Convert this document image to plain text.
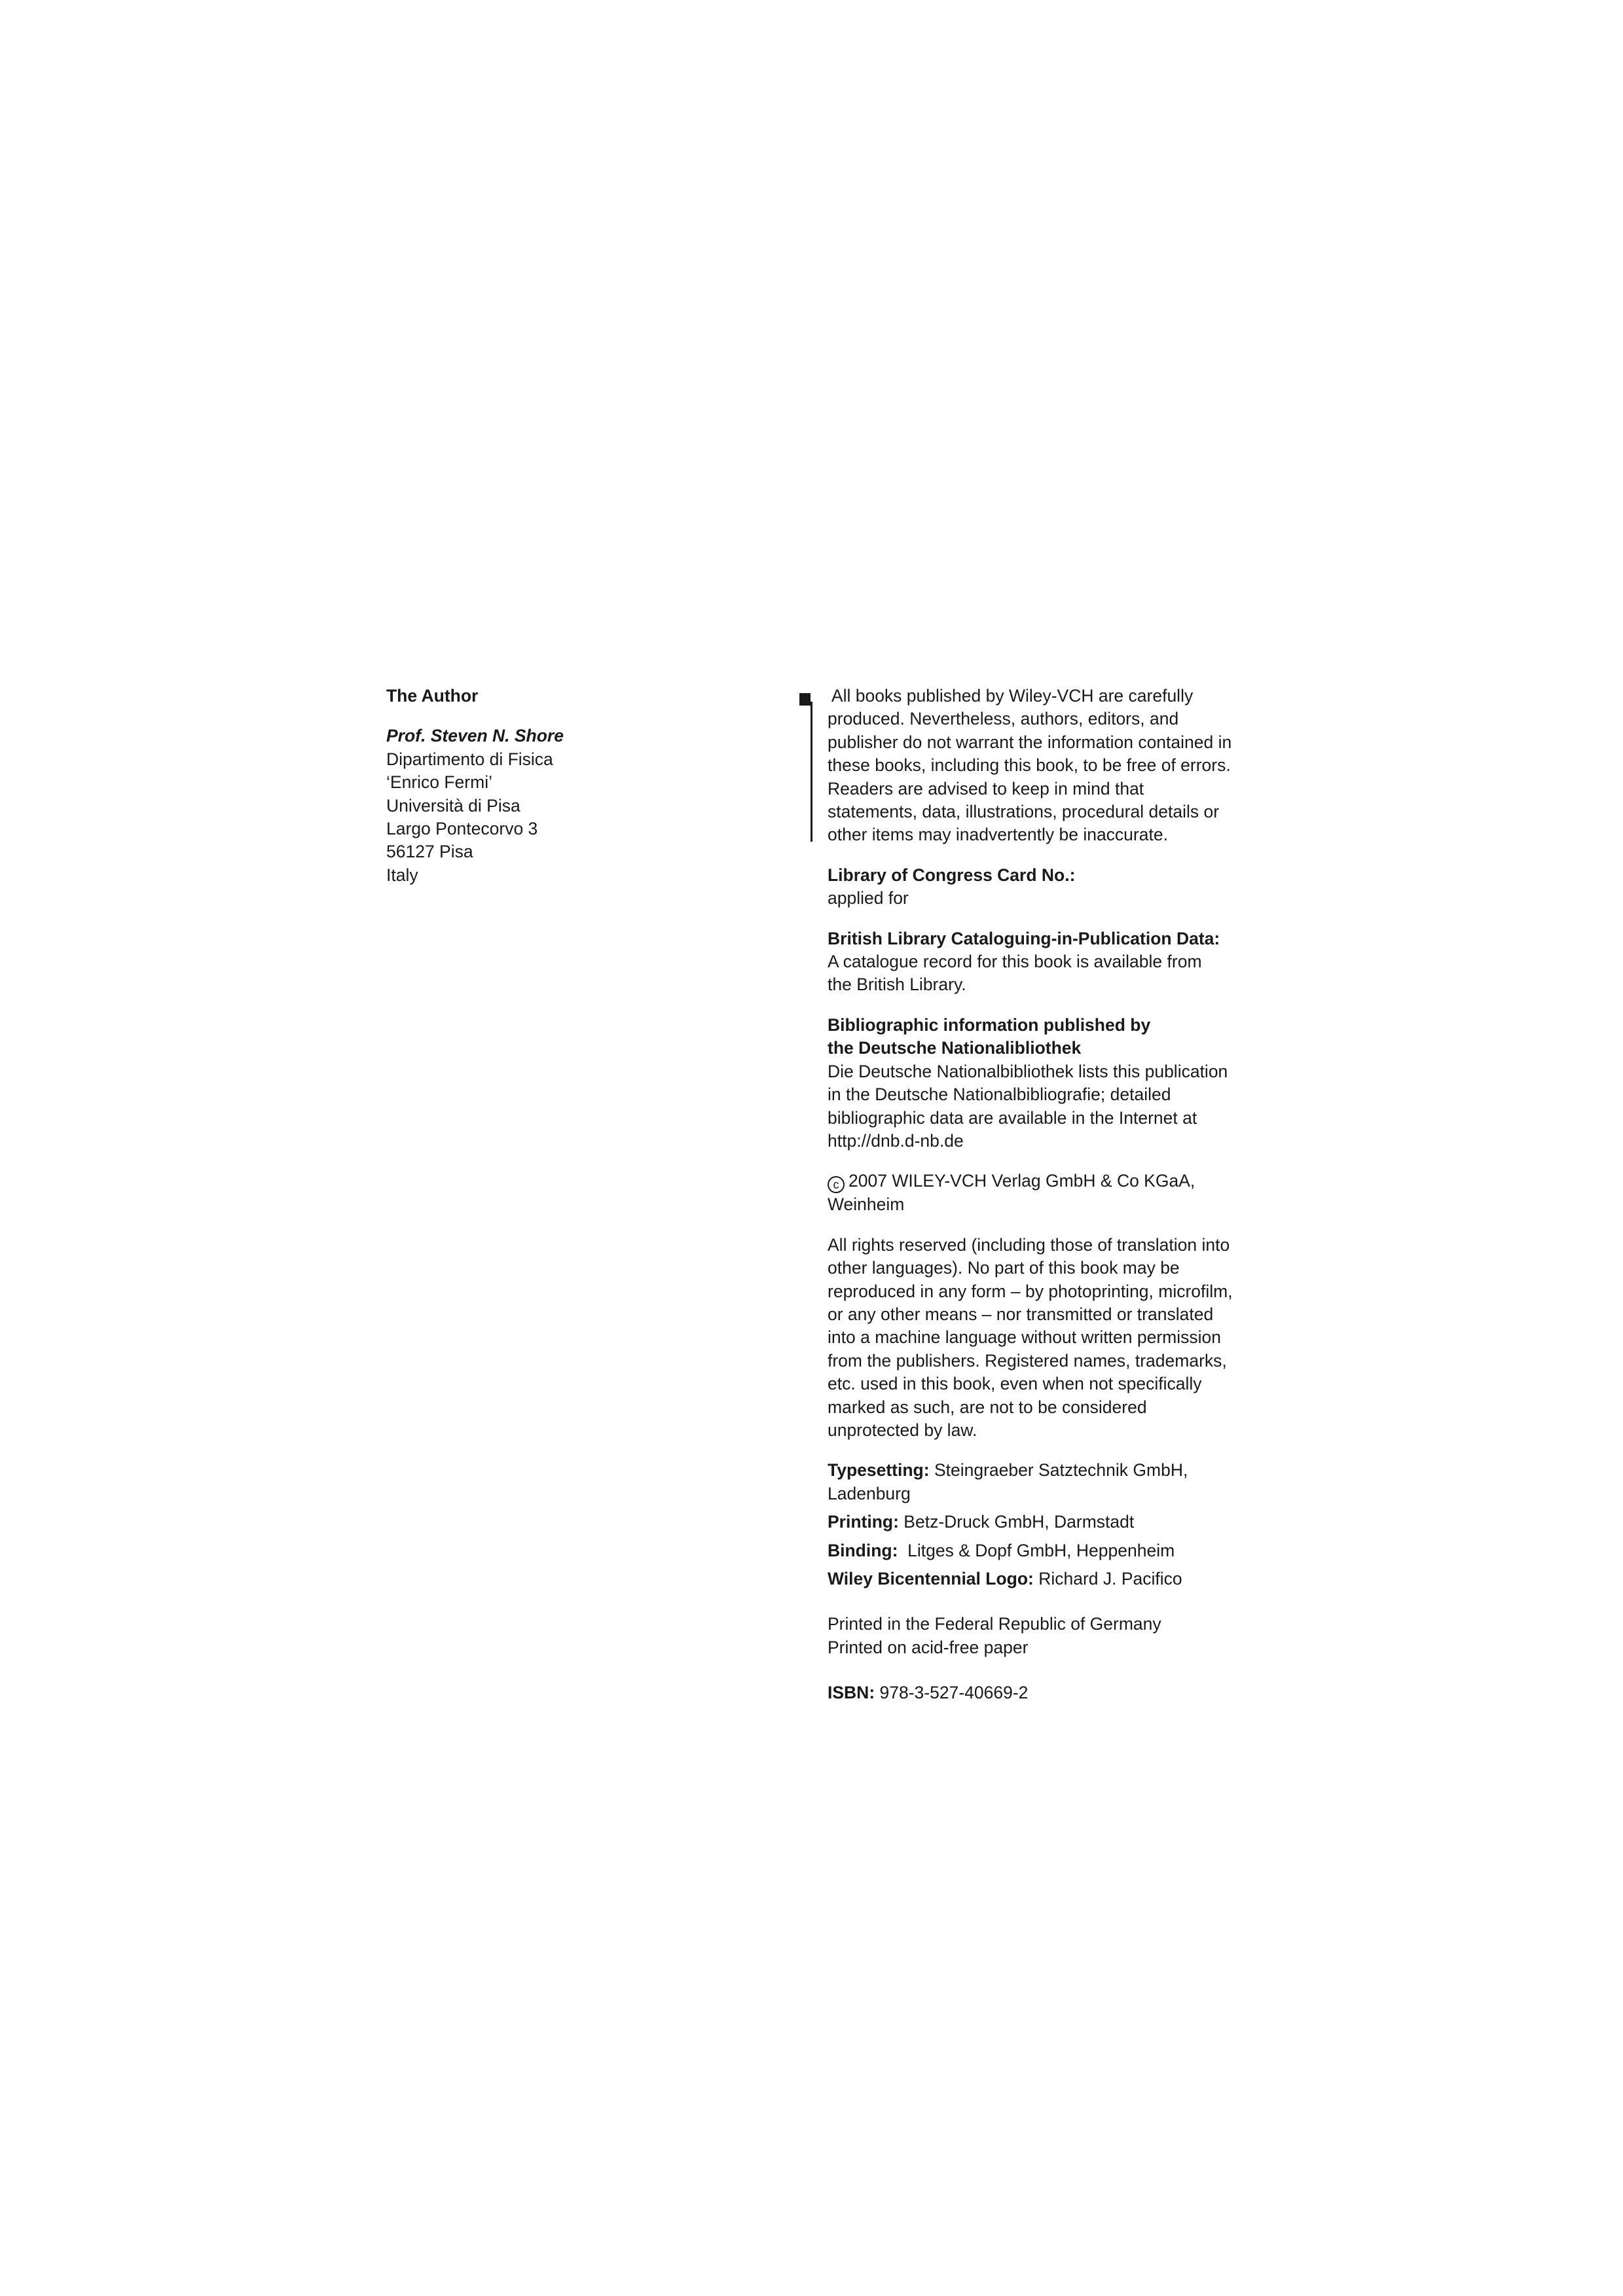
The Author
Prof. Steven N. Shore
Dipartimento di Fisica
‘Enrico Fermi’
Università di Pisa
Largo Pontecorvo 3
56127 Pisa
Italy
All books published by Wiley-VCH are carefully
produced. Nevertheless, authors, editors, and
publisher do not warrant the information contained in
these books, including this book, to be free of errors.
Readers are advised to keep in mind that
statements, data, illustrations, procedural details or
other items may inadvertently be inaccurate.
Library of Congress Card No.:
applied for
British Library Cataloguing-in-Publication Data:
A catalogue record for this book is available from
the British Library.
Bibliographic information published by
the Deutsche Nationalibliothek
Die Deutsche Nationalbibliothek lists this publication
in the Deutsche Nationalbibliografie; detailed
bibliographic data are available in the Internet at
http://dnb.d-nb.de
c 2007 WILEY-VCH Verlag GmbH & Co KGaA,
Weinheim
All rights reserved (including those of translation into
other languages). No part of this book may be
reproduced in any form – by photoprinting, microfilm,
or any other means – nor transmitted or translated
into a machine language without written permission
from the publishers. Registered names, trademarks,
etc. used in this book, even when not specifically
marked as such, are not to be considered
unprotected by law.
Typesetting: Steingraeber Satztechnik GmbH,
Ladenburg
Printing: Betz-Druck GmbH, Darmstadt
Binding:  Litges & Dopf GmbH, Heppenheim
Wiley Bicentennial Logo: Richard J. Pacifico
Printed in the Federal Republic of Germany
Printed on acid-free paper
ISBN: 978-3-527-40669-2
